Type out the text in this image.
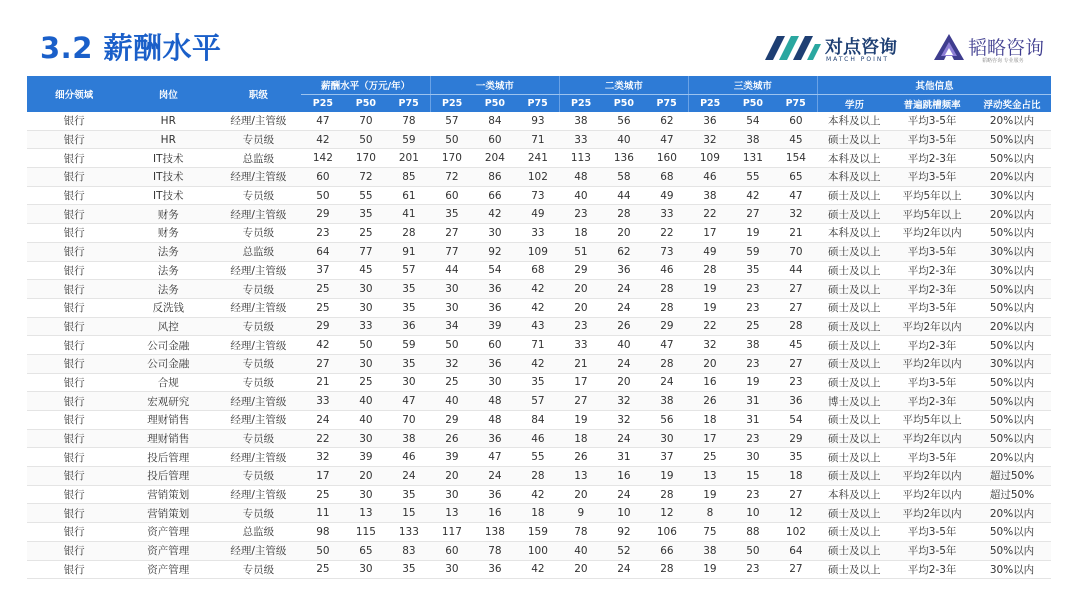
3.2 薪酬水平	对点咨询
MATCH POINT
韬略咨询
韬略咨询 专业服务
细分领域	岗位	职级	薪酬水平（万元/年）			一类城市			二类城市			三类城市			其他信息		
			P25	P50	P75	P25	P50	P75	P25	P50	P75	P25	P50	P75	学历	普遍跳槽频率	浮动奖金占比
银行	HR	经理/主管级	47	70	78	57	84	93	38	56	62	36	54	60	本科及以上	平均3-5年	20%以内
银行	HR	专员级	42	50	59	50	60	71	33	40	47	32	38	45	硕士及以上	平均3-5年	50%以内
银行	IT技术	总监级	142	170	201	170	204	241	113	136	160	109	131	154	本科及以上	平均2-3年	50%以内
银行	IT技术	经理/主管级	60	72	85	72	86	102	48	58	68	46	55	65	本科及以上	平均3-5年	20%以内
银行	IT技术	专员级	50	55	61	60	66	73	40	44	49	38	42	47	硕士及以上	平均5年以上	30%以内
银行	财务	经理/主管级	29	35	41	35	42	49	23	28	33	22	27	32	硕士及以上	平均5年以上	20%以内
银行	财务	专员级	23	25	28	27	30	33	18	20	22	17	19	21	本科及以上	平均2年以内	50%以内
银行	法务	总监级	64	77	91	77	92	109	51	62	73	49	59	70	硕士及以上	平均3-5年	30%以内
银行	法务	经理/主管级	37	45	57	44	54	68	29	36	46	28	35	44	硕士及以上	平均2-3年	30%以内
银行	法务	专员级	25	30	35	30	36	42	20	24	28	19	23	27	硕士及以上	平均2-3年	50%以内
银行	反洗钱	经理/主管级	25	30	35	30	36	42	20	24	28	19	23	27	硕士及以上	平均3-5年	50%以内
银行	风控	专员级	29	33	36	34	39	43	23	26	29	22	25	28	硕士及以上	平均2年以内	20%以内
银行	公司金融	经理/主管级	42	50	59	50	60	71	33	40	47	32	38	45	硕士及以上	平均2-3年	50%以内
银行	公司金融	专员级	27	30	35	32	36	42	21	24	28	20	23	27	硕士及以上	平均2年以内	30%以内
银行	合规	专员级	21	25	30	25	30	35	17	20	24	16	19	23	硕士及以上	平均3-5年	50%以内
银行	宏观研究	经理/主管级	33	40	47	40	48	57	27	32	38	26	31	36	博士及以上	平均2-3年	50%以内
银行	理财销售	经理/主管级	24	40	70	29	48	84	19	32	56	18	31	54	硕士及以上	平均5年以上	50%以内
银行	理财销售	专员级	22	30	38	26	36	46	18	24	30	17	23	29	硕士及以上	平均2年以内	50%以内
银行	投后管理	经理/主管级	32	39	46	39	47	55	26	31	37	25	30	35	硕士及以上	平均3-5年	20%以内
银行	投后管理	专员级	17	20	24	20	24	28	13	16	19	13	15	18	硕士及以上	平均2年以内	超过50%
银行	营销策划	经理/主管级	25	30	35	30	36	42	20	24	28	19	23	27	本科及以上	平均2年以内	超过50%
银行	营销策划	专员级	11	13	15	13	16	18	9	10	12	8	10	12	硕士及以上	平均2年以内	20%以内
银行	资产管理	总监级	98	115	133	117	138	159	78	92	106	75	88	102	硕士及以上	平均3-5年	50%以内
银行	资产管理	经理/主管级	50	65	83	60	78	100	40	52	66	38	50	64	硕士及以上	平均3-5年	50%以内
银行	资产管理	专员级	25	30	35	30	36	42	20	24	28	19	23	27	硕士及以上	平均2-3年	30%以内
